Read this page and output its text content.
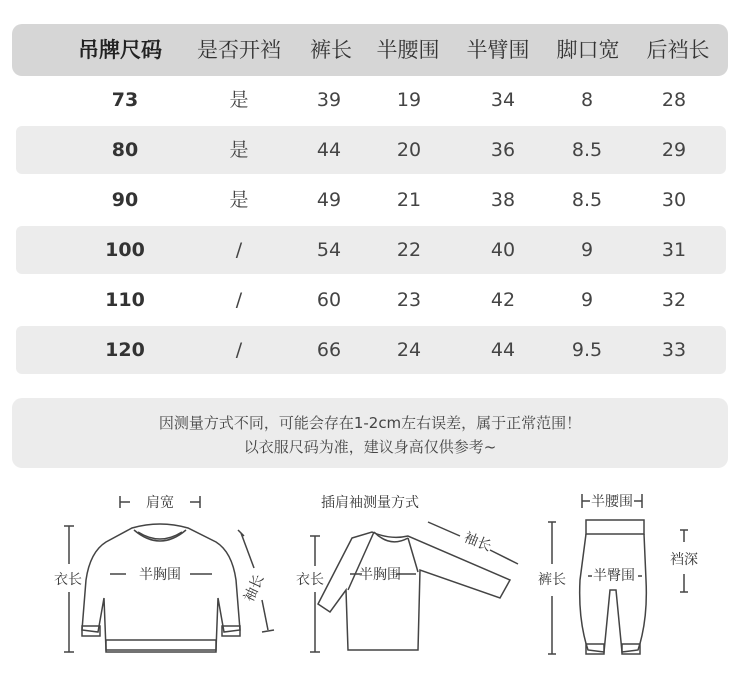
吊牌尺码	是否开裆	裤长	半腰围	半臂围	脚口宽	后裆长
73	是	39	19	34	8	28
80	是	44	20	36	8.5	29
90	是	49	21	38	8.5	30
100	/	54	22	40	9	31
110	/	60	23	42	9	32
120	/	66	24	44	9.5	33
因测量方式不同，可能会存在1-2cm左右误差，属于正常范围！
以衣服尺码为准，建议身高仅供参考~
肩宽
半胸围
衣长	袖长
插肩袖测量方式
袖长
半胸围
衣长
半腰围
裆深
裤长 半臀围
